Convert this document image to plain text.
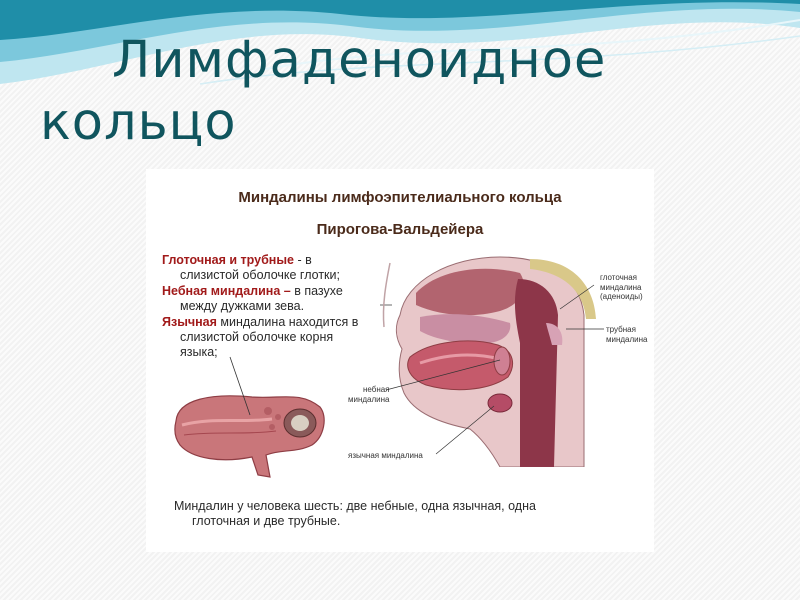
Лимфаденоидное
кольцо
Миндалины лимфоэпителиального кольца
Пирогова-Вальдейера

Глоточная и трубные - в
слизистой оболочке глотки;

Небная миндалина – в пазухе
между дужками зева.

Язычная миндалина находится в
слизистой оболочке корня
языка;

глоточная
миндалина
(аденоиды)
трубная
миндалина
небная
миндалина
язычная миндалина
Миндалин у человека шесть: две небные, одна язычная, одна
глоточная и две трубные.
